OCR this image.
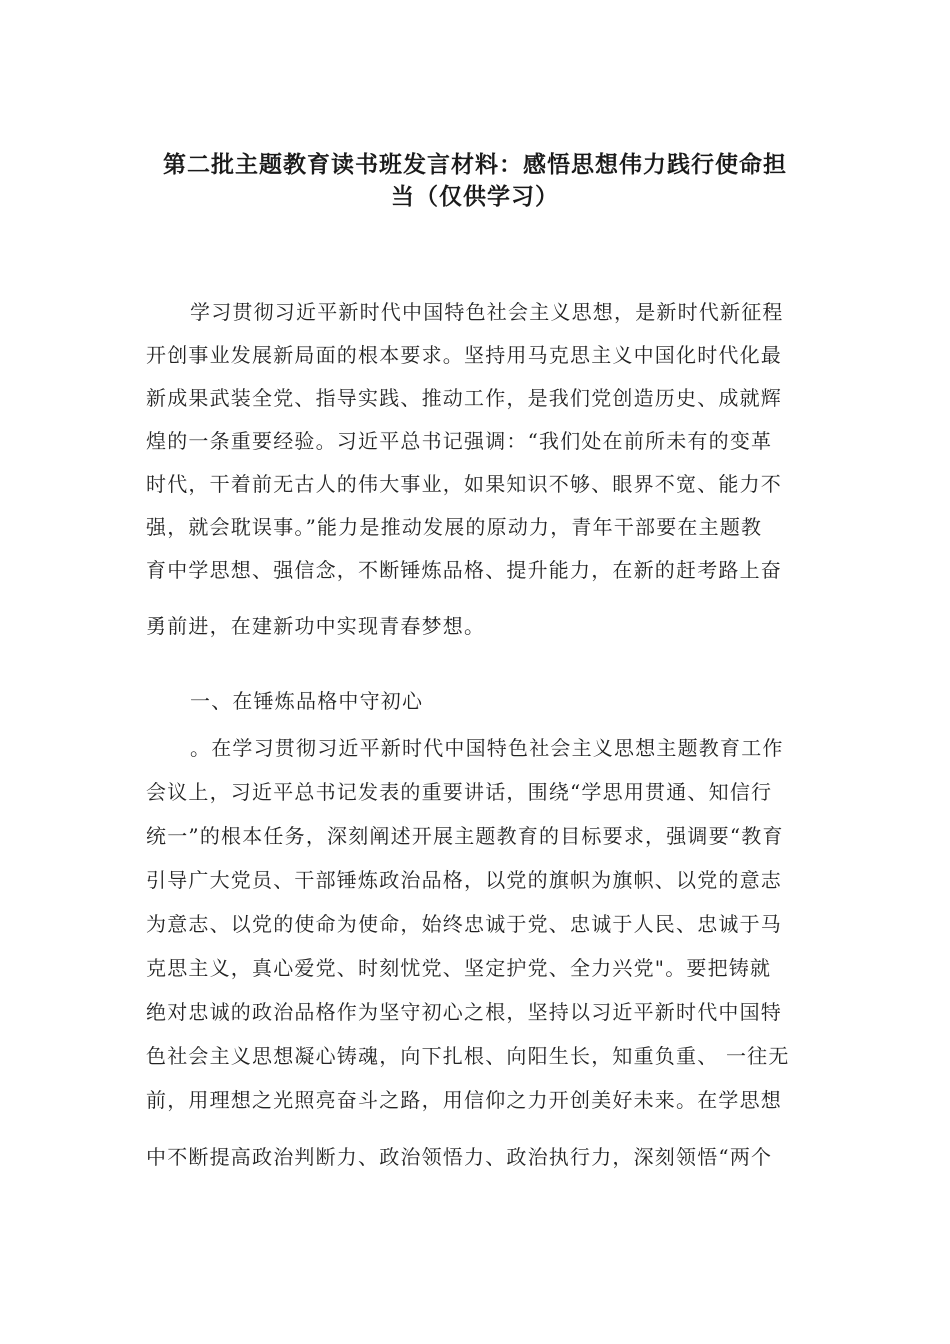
第二批主题教育读书班发言材料：感悟思想伟力践行使命担
当（仅供学习）
学习贯彻习近平新时代中国特色社会主义思想，是新时代新征程
开创事业发展新局面的根本要求。坚持用马克思主义中国化时代化最
新成果武装全党、指导实践、推动工作，是我们党创造历史、成就辉
煌的一条重要经验。习近平总书记强调：“我们处在前所未有的变革
时代，干着前无古人的伟大事业，如果知识不够、眼界不宽、能力不
强，就会耽误事。”能力是推动发展的原动力，青年干部要在主题教
育中学思想、强信念，不断锤炼品格、提升能力，在新的赶考路上奋
勇前进，在建新功中实现青春梦想。
一、在锤炼品格中守初心
。在学习贯彻习近平新时代中国特色社会主义思想主题教育工作
会议上，习近平总书记发表的重要讲话，围绕“学思用贯通、知信行
统一”的根本任务，深刻阐述开展主题教育的目标要求，强调要“教育
引导广大党员、干部锤炼政治品格，以党的旗帜为旗帜、以党的意志
为意志、以党的使命为使命，始终忠诚于党、忠诚于人民、忠诚于马
克思主义，真心爱党、时刻忧党、坚定护党、全力兴党"。要把铸就
绝对忠诚的政治品格作为坚守初心之根，坚持以习近平新时代中国特
色社会主义思想凝心铸魂，向下扎根、向阳生长，知重负重、 一往无
前，用理想之光照亮奋斗之路，用信仰之力开创美好未来。在学思想
中不断提高政治判断力、政治领悟力、政治执行力，深刻领悟“两个
